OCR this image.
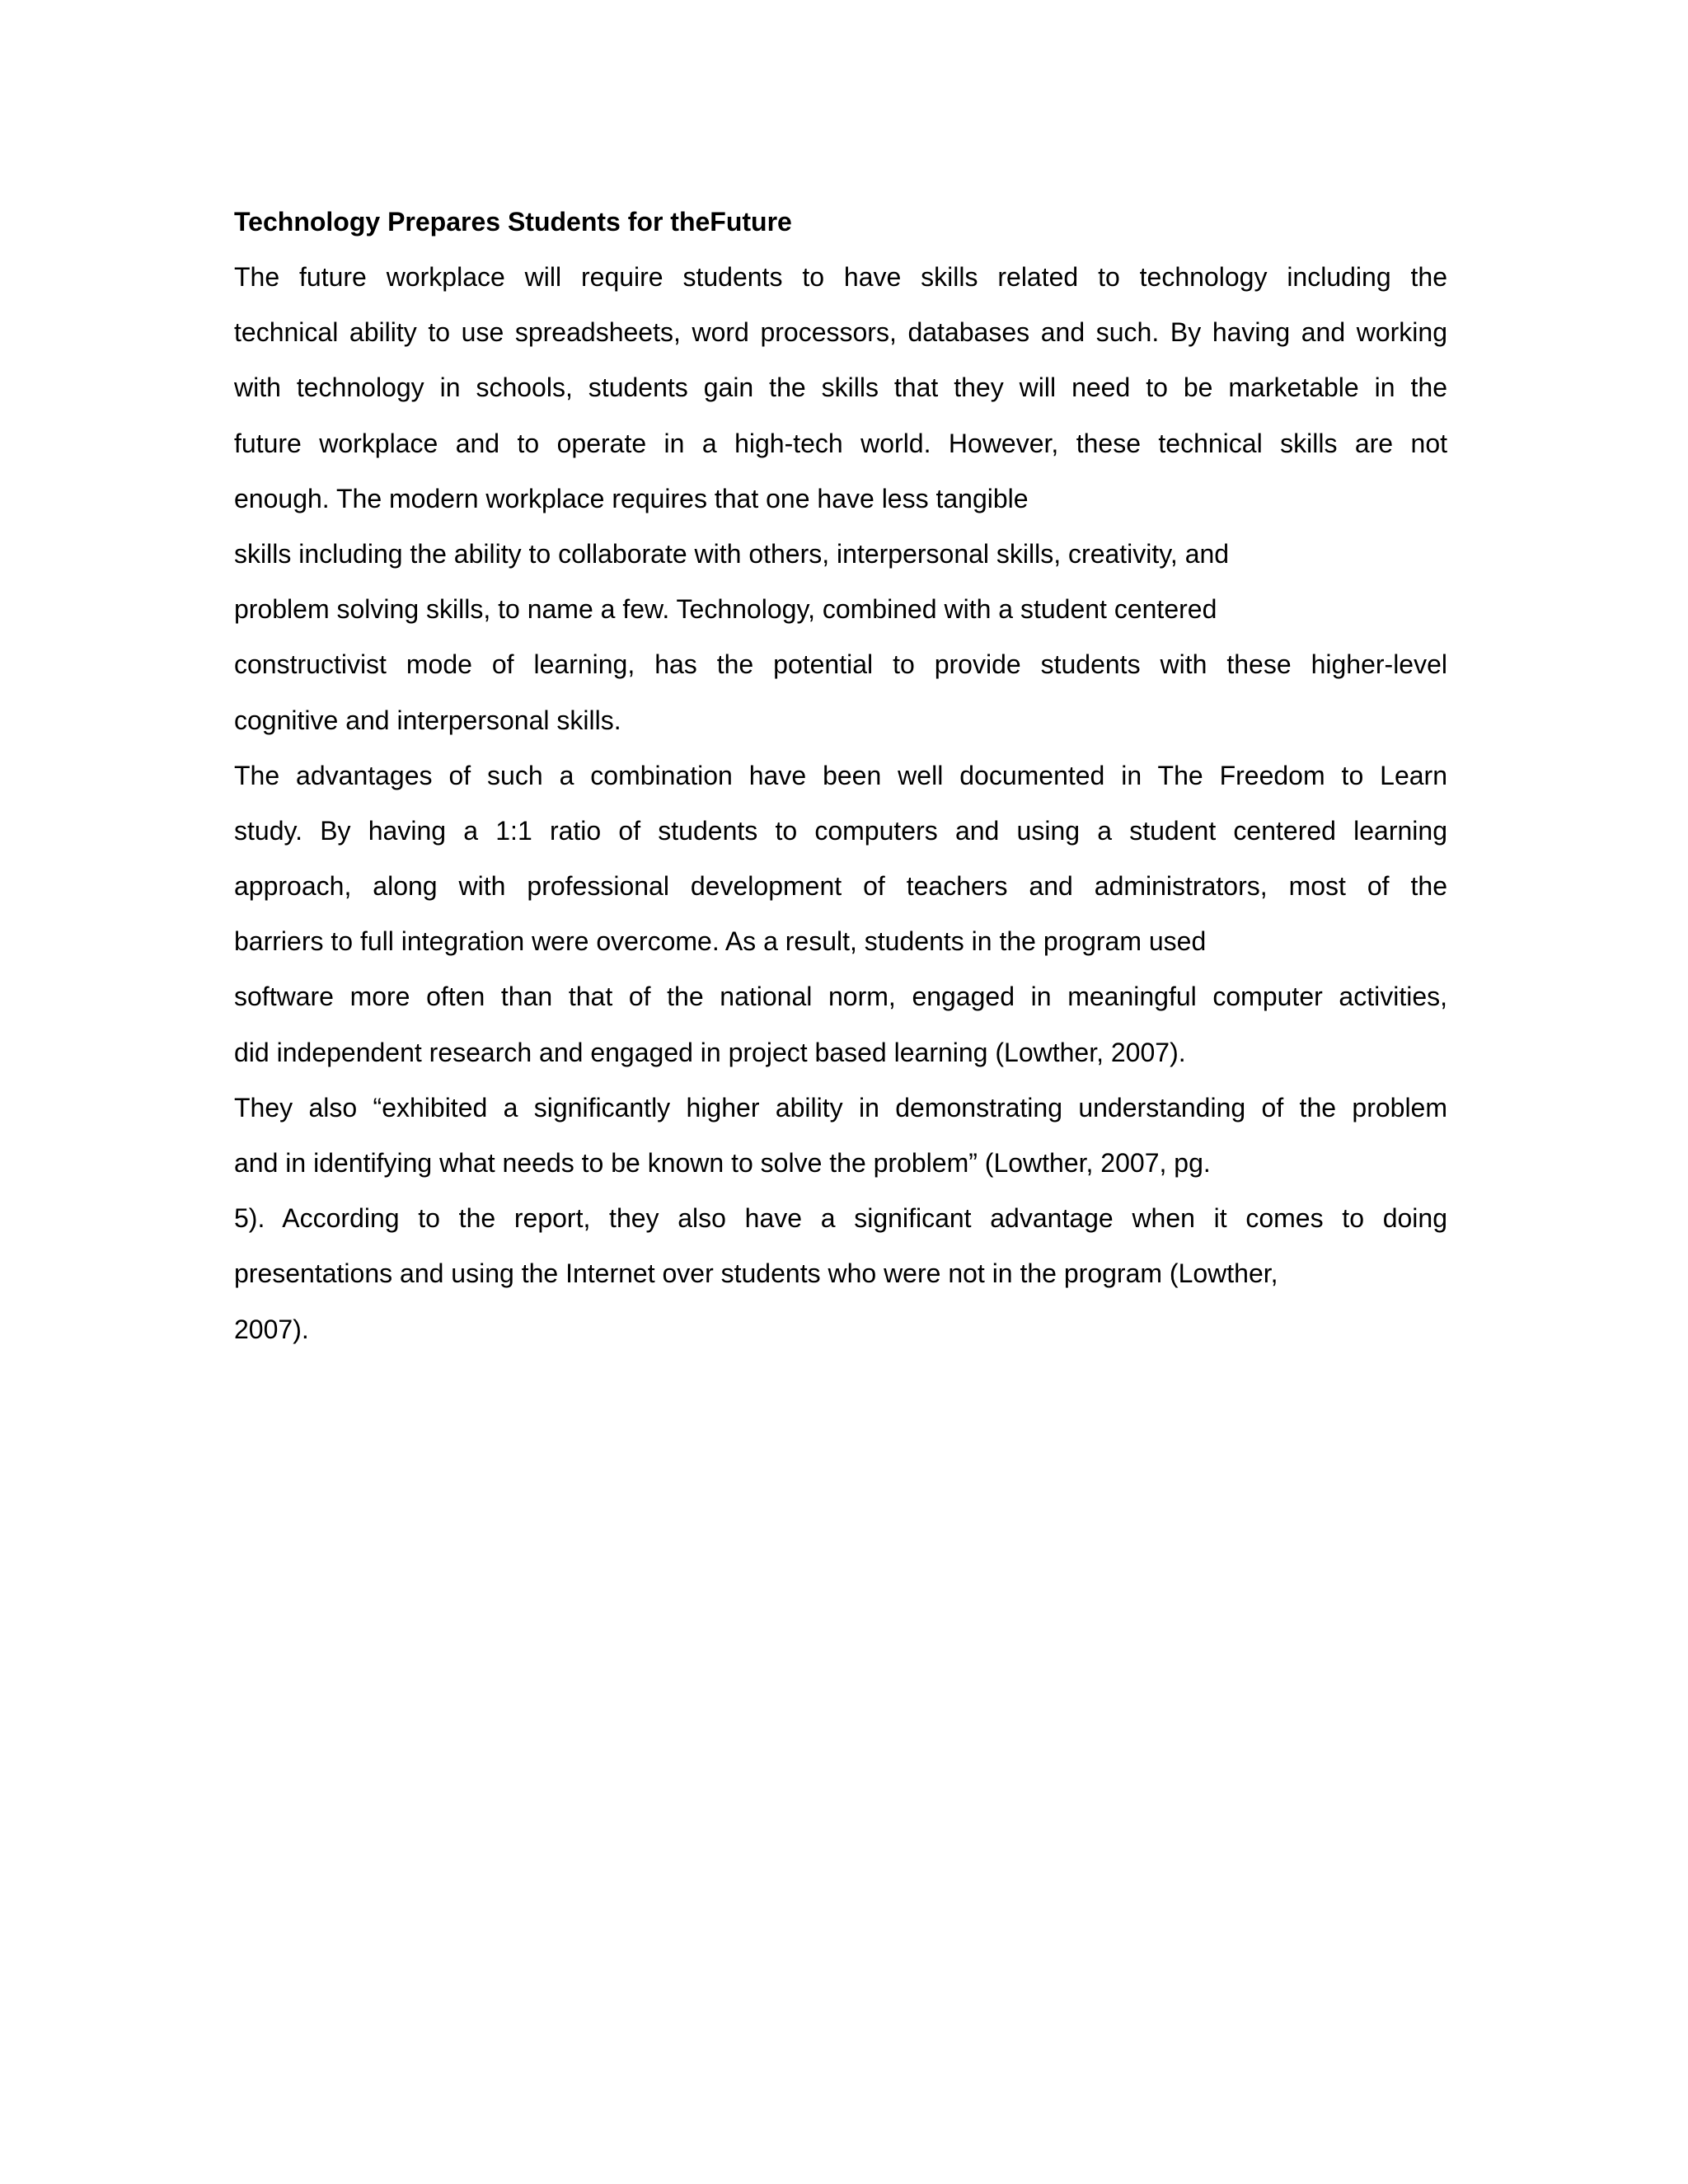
Technology Prepares Students for theFuture
The future workplace will require students to have skills related to technology including the
technical ability to use spreadsheets, word processors, databases and such. By having and working
with technology in schools, students gain the skills that they will need to be marketable in the
future workplace and to operate in a high-tech world. However, these technical skills are not
enough. The modern workplace requires that one have less tangible
skills including the ability to collaborate with others, interpersonal skills, creativity, and
problem solving skills, to name a few. Technology, combined with a student centered
constructivist mode of learning, has the potential to provide students with these higher-level
cognitive and interpersonal skills.
The advantages of such a combination have been well documented in The Freedom to Learn
study. By having a 1:1 ratio of students to computers and using a student centered learning
approach, along with professional development of teachers and administrators, most of the
barriers to full integration were overcome. As a result, students in the program used
software more often than that of the national norm, engaged in meaningful computer activities,
did independent research and engaged in project based learning (Lowther, 2007).
They also “exhibited a significantly higher ability in demonstrating understanding of the problem
and in identifying what needs to be known to solve the problem” (Lowther, 2007, pg.
5). According to the report, they also have a significant advantage when it comes to doing
presentations and using the Internet over students who were not in the program (Lowther,
2007).
